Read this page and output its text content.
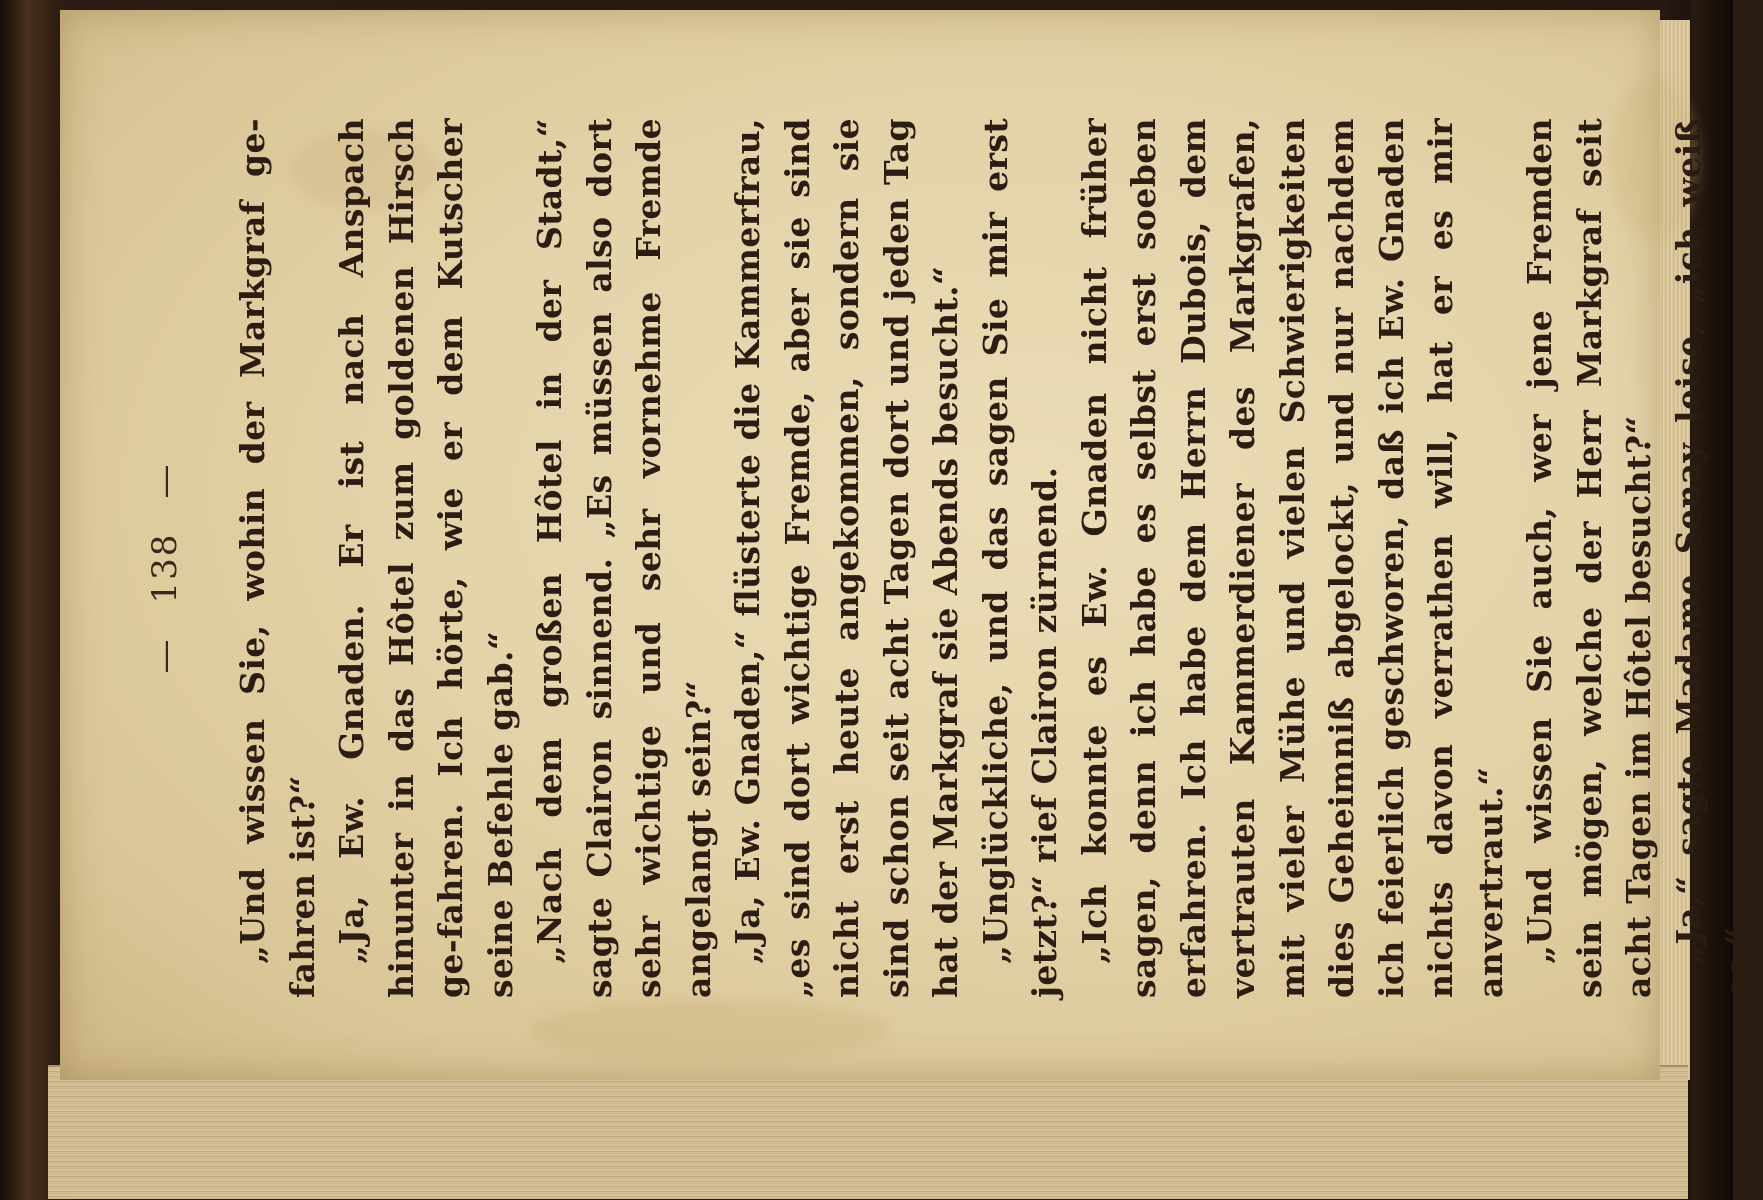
—
138
— „Und wissen Sie, wohin der Markgraf ge-fahren ist?“ „Ja, Ew. Gnaden. Er ist nach Anspach hinunter in das Hôtel zum goldenen Hirsch ge-fahren. Ich hörte, wie er dem Kutscher seine Befehle gab.“ „Nach dem großen Hôtel in der Stadt,“ sagte Clairon sinnend. „Es müssen also dort sehr wichtige und sehr vornehme Fremde angelangt sein?“ „Ja, Ew. Gnaden,“ flüsterte die Kammerfrau, „es sind dort wichtige Fremde, aber sie sind nicht erst heute angekommen, sondern sie sind schon seit acht Tagen dort und jeden Tag hat der Markgraf sie Abends besucht.“ „Unglückliche, und das sagen Sie mir erst jetzt?“ rief Clairon zürnend. „Ich konnte es Ew. Gnaden nicht früher sagen, denn ich habe es selbst erst soeben erfahren. Ich habe dem Herrn Dubois, dem vertrauten Kammerdiener des Markgrafen, mit vieler Mühe und vielen Schwierigkeiten dies Geheimniß abgelockt, und nur nachdem ich feierlich geschworen, daß ich Ew. Gnaden nichts davon verrathen will, hat er es mir anvertraut.“ „Und wissen Sie auch, wer jene Fremden sein mögen, welche der Herr Markgraf seit acht Tagen im Hôtel besucht?“ „Ja,“ sagte Madame Senay leise, „ich weiß es.“
